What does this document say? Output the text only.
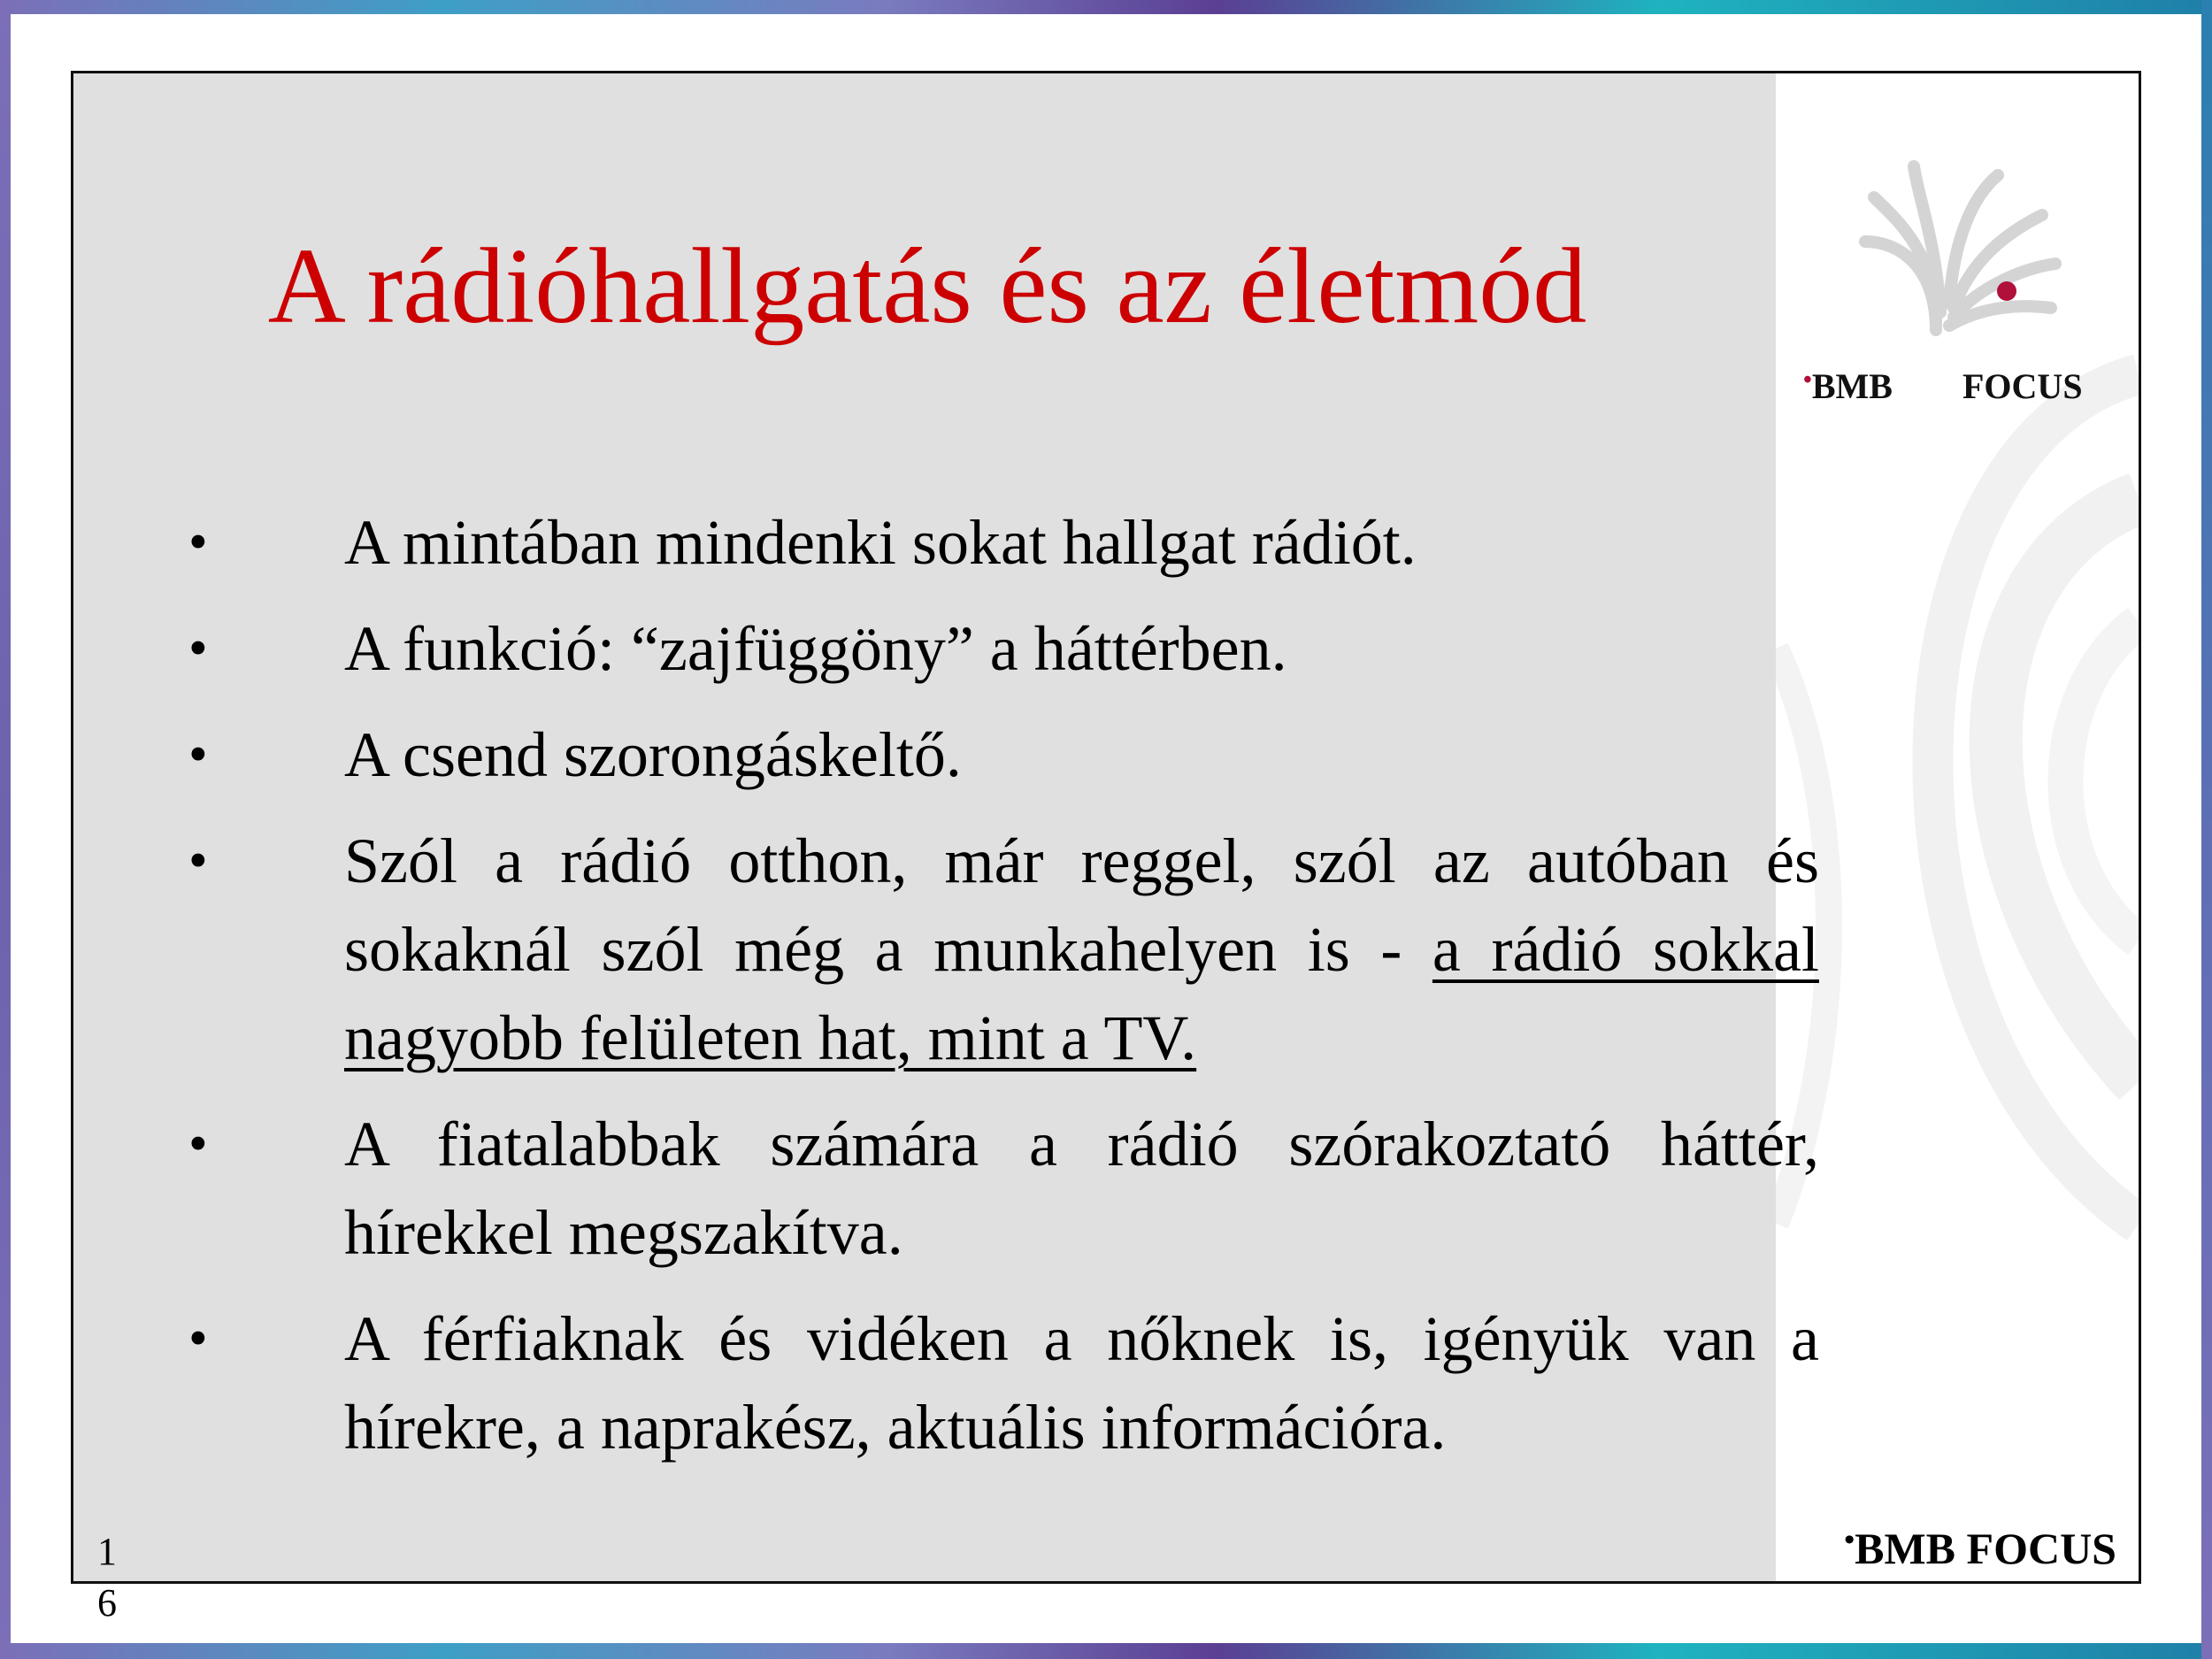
A rádióhallgatás és az életmód
• A mintában mindenki sokat hallgat rádiót.
• A funkció: “zajfüggöny” a háttérben.
• A csend szorongáskeltő.
• Szól a rádió otthon, már reggel, szól az autóban és sokaknál szól még a munkahelyen is - a rádió sokkal nagyobb felületen hat, mint a TV.
• A fiatalabbak számára a rádió szórakoztató háttér, hírekkel megszakítva.
• A férfiaknak és vidéken a nőknek is, igényük van a hírekre, a naprakész, aktuális információra.
•BMB FOCUS
•BMB FOCUS
16
